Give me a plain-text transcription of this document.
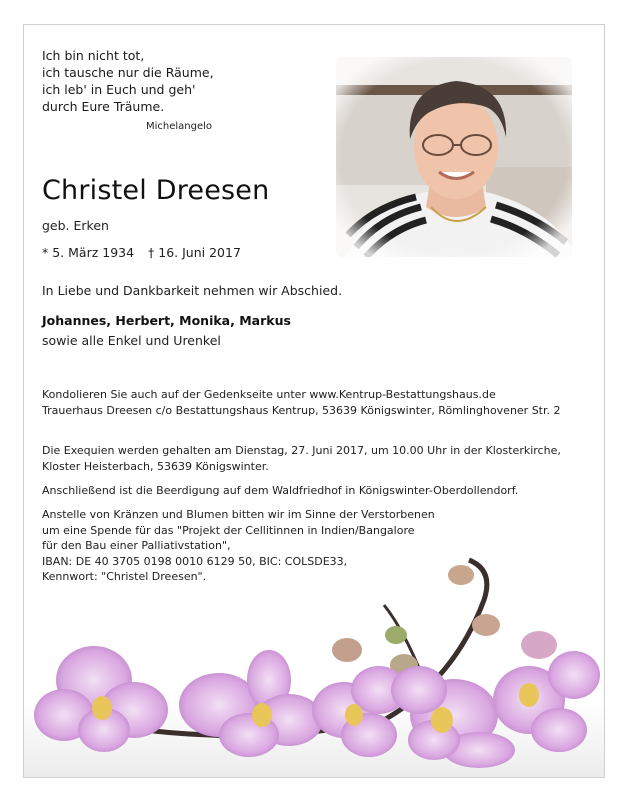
Ich bin nicht tot,
ich tausche nur die Räume,
ich leb' in Euch und geh'
durch Eure Träume.
Michelangelo
Christel Dreesen
geb. Erken
* 5. März 1934 † 16. Juni 2017
In Liebe und Dankbarkeit nehmen wir Abschied.
Johannes, Herbert, Monika, Markus
sowie alle Enkel und Urenkel
Kondolieren Sie auch auf der Gedenkseite unter www.Kentrup-Bestattungshaus.de
Trauerhaus Dreesen c/o Bestattungshaus Kentrup, 53639 Königswinter, Römlinghovener Str. 2
Die Exequien werden gehalten am Dienstag, 27. Juni 2017, um 10.00 Uhr in der Klosterkirche,
Kloster Heisterbach, 53639 Königswinter.
Anschließend ist die Beerdigung auf dem Waldfriedhof in Königswinter-Oberdollendorf.
Anstelle von Kränzen und Blumen bitten wir im Sinne der Verstorbenen
um eine Spende für das "Projekt der Cellitinnen in Indien/Bangalore
für den Bau einer Palliativstation",
IBAN: DE 40 3705 0198 0010 6129 50, BIC: COLSDE33,
Kennwort: "Christel Dreesen".
